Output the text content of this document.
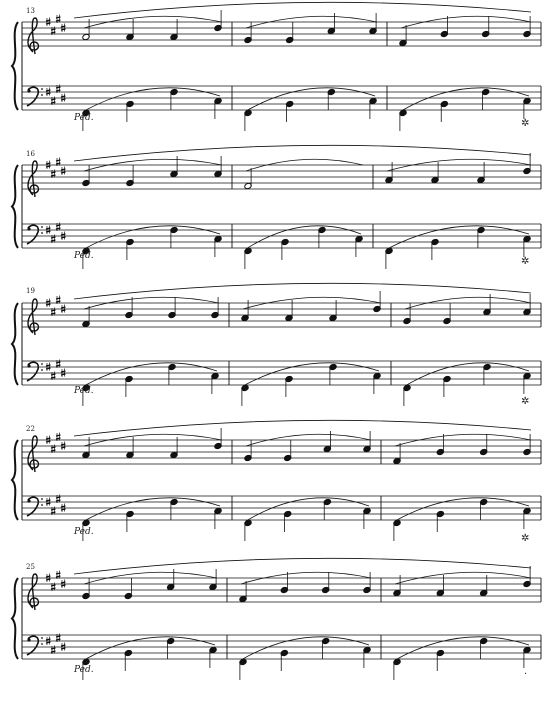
13
16
19
22
25
Ped.
Ped.
Ped.
Ped.
Ped.
✲
✲
✲
✲
.
